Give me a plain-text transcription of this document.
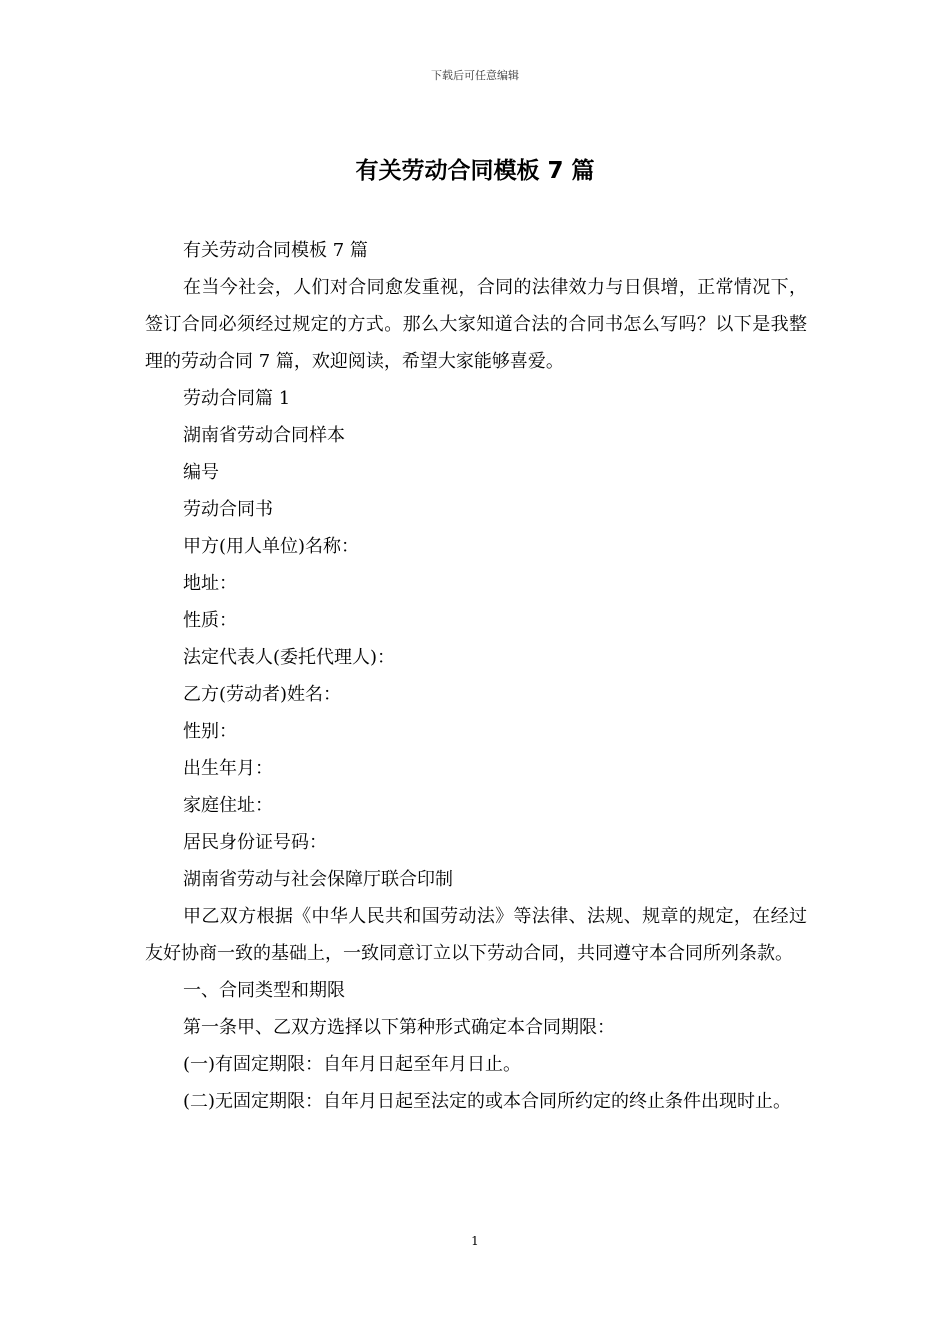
下载后可任意编辑
有关劳动合同模板 7 篇

有关劳动合同模板 7 篇

在当今社会，人们对合同愈发重视，合同的法律效力与日俱增，正常情况下，签订合同必须经过规定的方式。那么大家知道合法的合同书怎么写吗？以下是我整理的劳动合同 7 篇，欢迎阅读，希望大家能够喜爱。

劳动合同篇 1

湖南省劳动合同样本

编号

劳动合同书

甲方(用人单位)名称：

地址：

性质：

法定代表人(委托代理人)：

乙方(劳动者)姓名：

性别：

出生年月：

家庭住址：

居民身份证号码：

湖南省劳动与社会保障厅联合印制

甲乙双方根据《中华人民共和国劳动法》等法律、法规、规章的规定，在经过友好协商一致的基础上，一致同意订立以下劳动合同，共同遵守本合同所列条款。

一、合同类型和期限

第一条甲、乙双方选择以下第种形式确定本合同期限：

(一)有固定期限：自年月日起至年月日止。

(二)无固定期限：自年月日起至法定的或本合同所约定的终止条件出现时止。

1
